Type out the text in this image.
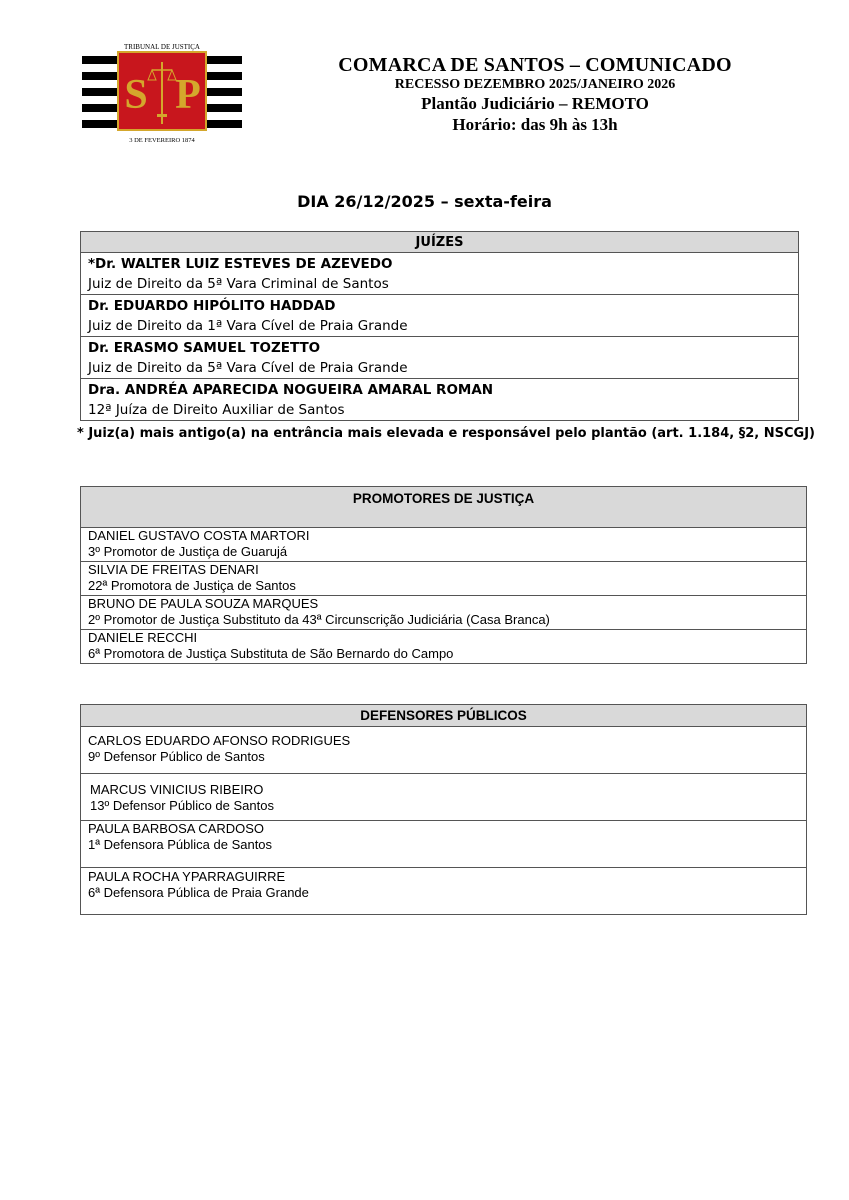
TRIBUNAL DE JUSTIÇA
3 DE FEVEREIRO 1874
S P
COMARCA DE SANTOS – COMUNICADO
RECESSO DEZEMBRO 2025/JANEIRO 2026
Plantão Judiciário – REMOTO
Horário: das 9h às 13h
DIA 26/12/2025 – sexta-feira
JUÍZES

*Dr. WALTER LUIZ ESTEVES DE AZEVEDO
Juiz de Direito da 5ª Vara Criminal de Santos

Dr. EDUARDO HIPÓLITO HADDAD
Juiz de Direito da 1ª Vara Cível de Praia Grande

Dr. ERASMO SAMUEL TOZETTO
Juiz de Direito da 5ª Vara Cível de Praia Grande

Dra. ANDRÉA APARECIDA NOGUEIRA AMARAL ROMAN
12ª Juíza de Direito Auxiliar de Santos
* Juiz(a) mais antigo(a) na entrância mais elevada e responsável pelo plantão (art. 1.184, §2, NSCGJ)
PROMOTORES DE JUSTIÇA

DANIEL GUSTAVO COSTA MARTORI
3º Promotor de Justiça de Guarujá

SILVIA DE FREITAS DENARI
22ª Promotora de Justiça de Santos

BRUNO DE PAULA SOUZA MARQUES
2º Promotor de Justiça Substituto da 43ª Circunscrição Judiciária (Casa Branca)

DANIELE RECCHI
6ª Promotora de Justiça Substituta de São Bernardo do Campo
DEFENSORES PÚBLICOS

CARLOS EDUARDO AFONSO RODRIGUES
9º Defensor Público de Santos

MARCUS VINICIUS RIBEIRO
13º Defensor Público de Santos

PAULA BARBOSA CARDOSO
1ª Defensora Pública de Santos

PAULA ROCHA YPARRAGUIRRE
6ª Defensora Pública de Praia Grande
